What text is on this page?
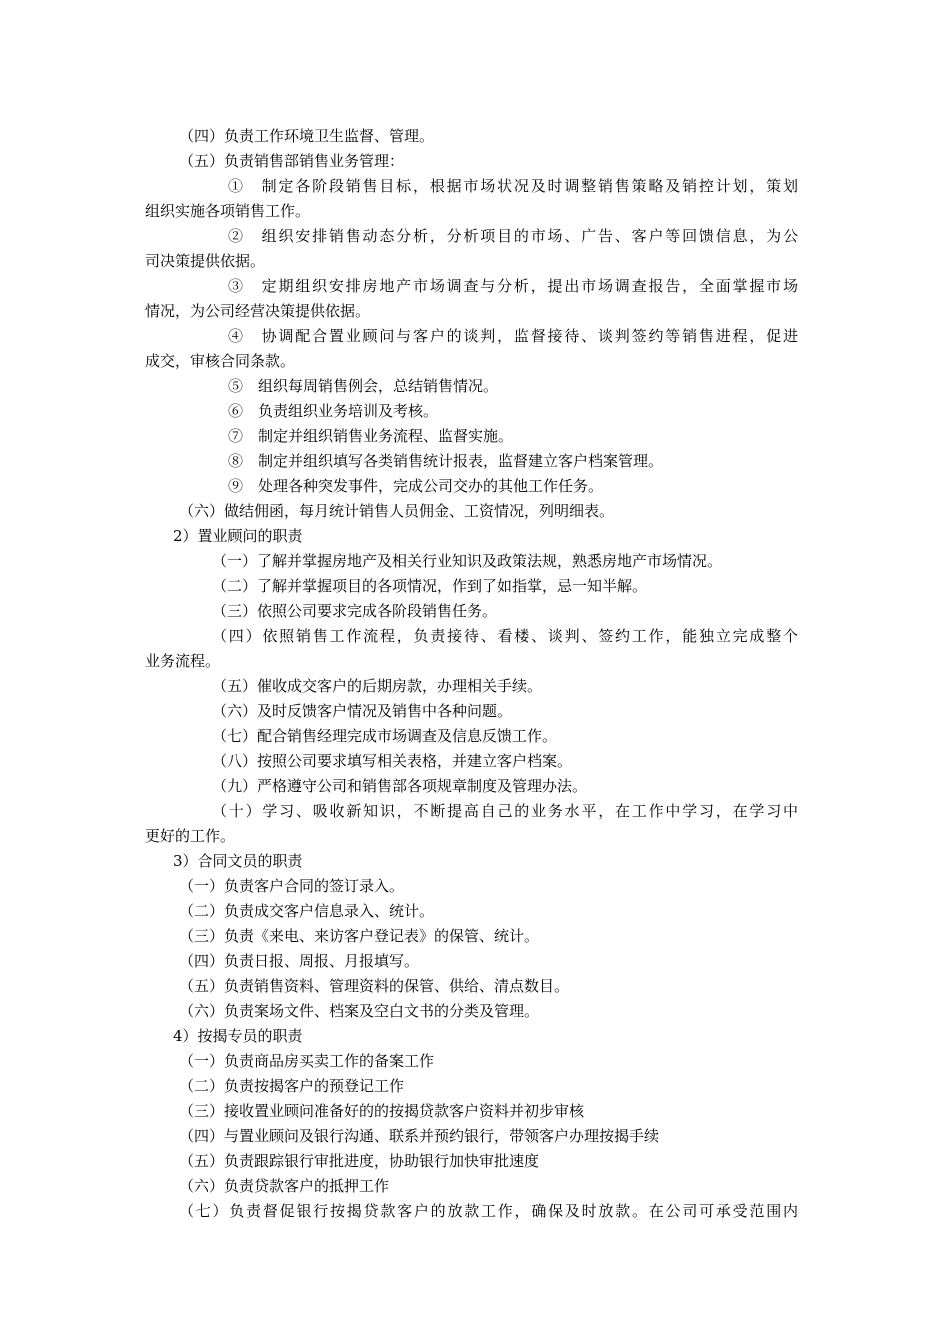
（四）负责工作环境卫生监督、管理。
（五）负责销售部销售业务管理：
①　制定各阶段销售目标，根据市场状况及时调整销售策略及销控计划，策划
组织实施各项销售工作。
②　组织安排销售动态分析，分析项目的市场、广告、客户等回馈信息，为公
司决策提供依据。
③　定期组织安排房地产市场调查与分析，提出市场调查报告，全面掌握市场
情况，为公司经营决策提供依据。
④　协调配合置业顾问与客户的谈判，监督接待、谈判签约等销售进程，促进
成交，审核合同条款。
⑤　组织每周销售例会，总结销售情况。
⑥　负责组织业务培训及考核。
⑦　制定并组织销售业务流程、监督实施。
⑧　制定并组织填写各类销售统计报表，监督建立客户档案管理。
⑨　处理各种突发事件，完成公司交办的其他工作任务。
（六）做结佣函，每月统计销售人员佣金、工资情况，列明细表。
2）置业顾问的职责
（一）了解并掌握房地产及相关行业知识及政策法规，熟悉房地产市场情况。
（二）了解并掌握项目的各项情况，作到了如指掌，忌一知半解。
（三）依照公司要求完成各阶段销售任务。
（四）依照销售工作流程，负责接待、看楼、谈判、签约工作，能独立完成整个
业务流程。
（五）催收成交客户的后期房款，办理相关手续。
（六）及时反馈客户情况及销售中各种问题。
（七）配合销售经理完成市场调查及信息反馈工作。
（八）按照公司要求填写相关表格，并建立客户档案。
（九）严格遵守公司和销售部各项规章制度及管理办法。
（十）学习、吸收新知识，不断提高自己的业务水平，在工作中学习，在学习中
更好的工作。
3）合同文员的职责
（一）负责客户合同的签订录入。
（二）负责成交客户信息录入、统计。
（三）负责《来电、来访客户登记表》的保管、统计。
（四）负责日报、周报、月报填写。
（五）负责销售资料、管理资料的保管、供给、清点数目。
（六）负责案场文件、档案及空白文书的分类及管理。
4）按揭专员的职责
（一）负责商品房买卖工作的备案工作
（二）负责按揭客户的预登记工作
（三）接收置业顾问准备好的的按揭贷款客户资料并初步审核
（四）与置业顾问及银行沟通、联系并预约银行，带领客户办理按揭手续
（五）负责跟踪银行审批进度，协助银行加快审批速度
（六）负责贷款客户的抵押工作
（七）负责督促银行按揭贷款客户的放款工作，确保及时放款。在公司可承受范围内
